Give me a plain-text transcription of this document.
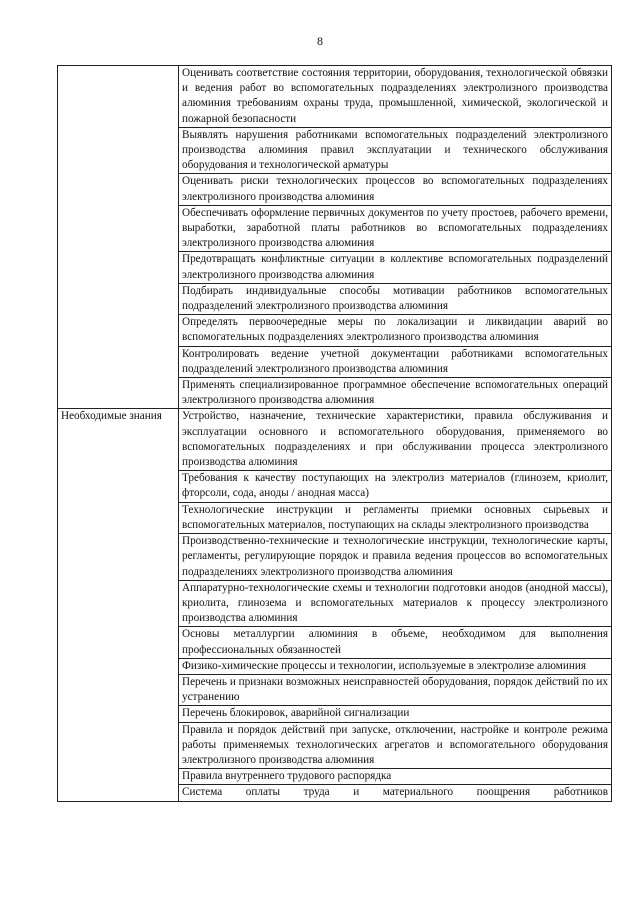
8
	Оценивать соответствие состояния территории, оборудования, технологической обвязки и ведения работ во вспомогательных подразделениях электролизного производства алюминия требованиям охраны труда, промышленной, химической, экологической и пожарной безопасности
	Выявлять нарушения работниками вспомогательных подразделений электролизного производства алюминия правил эксплуатации и технического обслуживания оборудования и технологической арматуры
	Оценивать риски технологических процессов во вспомогательных подразделениях электролизного производства алюминия
	Обеспечивать оформление первичных документов по учету простоев, рабочего времени, выработки, заработной платы работников во вспомогательных подразделениях электролизного производства алюминия
	Предотвращать конфликтные ситуации в коллективе вспомогательных подразделений электролизного производства алюминия
	Подбирать индивидуальные способы мотивации работников вспомогательных подразделений электролизного производства алюминия
	Определять первоочередные меры по локализации и ликвидации аварий во вспомогательных подразделениях электролизного производства алюминия
	Контролировать ведение учетной документации работниками вспомогательных подразделений электролизного производства алюминия
	Применять специализированное программное обеспечение вспомогательных операций электролизного производства алюминия
Необходимые знания	Устройство, назначение, технические характеристики, правила обслуживания и эксплуатации основного и вспомогательного оборудования, применяемого во вспомогательных подразделениях и при обслуживании процесса электролизного производства алюминия
	Требования к качеству поступающих на электролиз материалов (глинозем, криолит, фторсоли, сода, аноды / анодная масса)
	Технологические инструкции и регламенты приемки основных сырьевых и вспомогательных материалов, поступающих на склады электролизного производства
	Производственно-технические и технологические инструкции, технологические карты, регламенты, регулирующие порядок и правила ведения процессов во вспомогательных подразделениях электролизного производства алюминия
	Аппаратурно-технологические схемы и технологии подготовки анодов (анодной массы), криолита, глинозема и вспомогательных материалов к процессу электролизного производства алюминия
	Основы металлургии алюминия в объеме, необходимом для выполнения профессиональных обязанностей
	Физико-химические процессы и технологии, используемые в электролизе алюминия
	Перечень и признаки возможных неисправностей оборудования, порядок действий по их устранению
	Перечень блокировок, аварийной сигнализации
	Правила и порядок действий при запуске, отключении, настройке и контроле режима работы применяемых технологических агрегатов и вспомогательного оборудования электролизного производства алюминия
	Правила внутреннего трудового распорядка
	Система оплаты труда и материального поощрения работников
